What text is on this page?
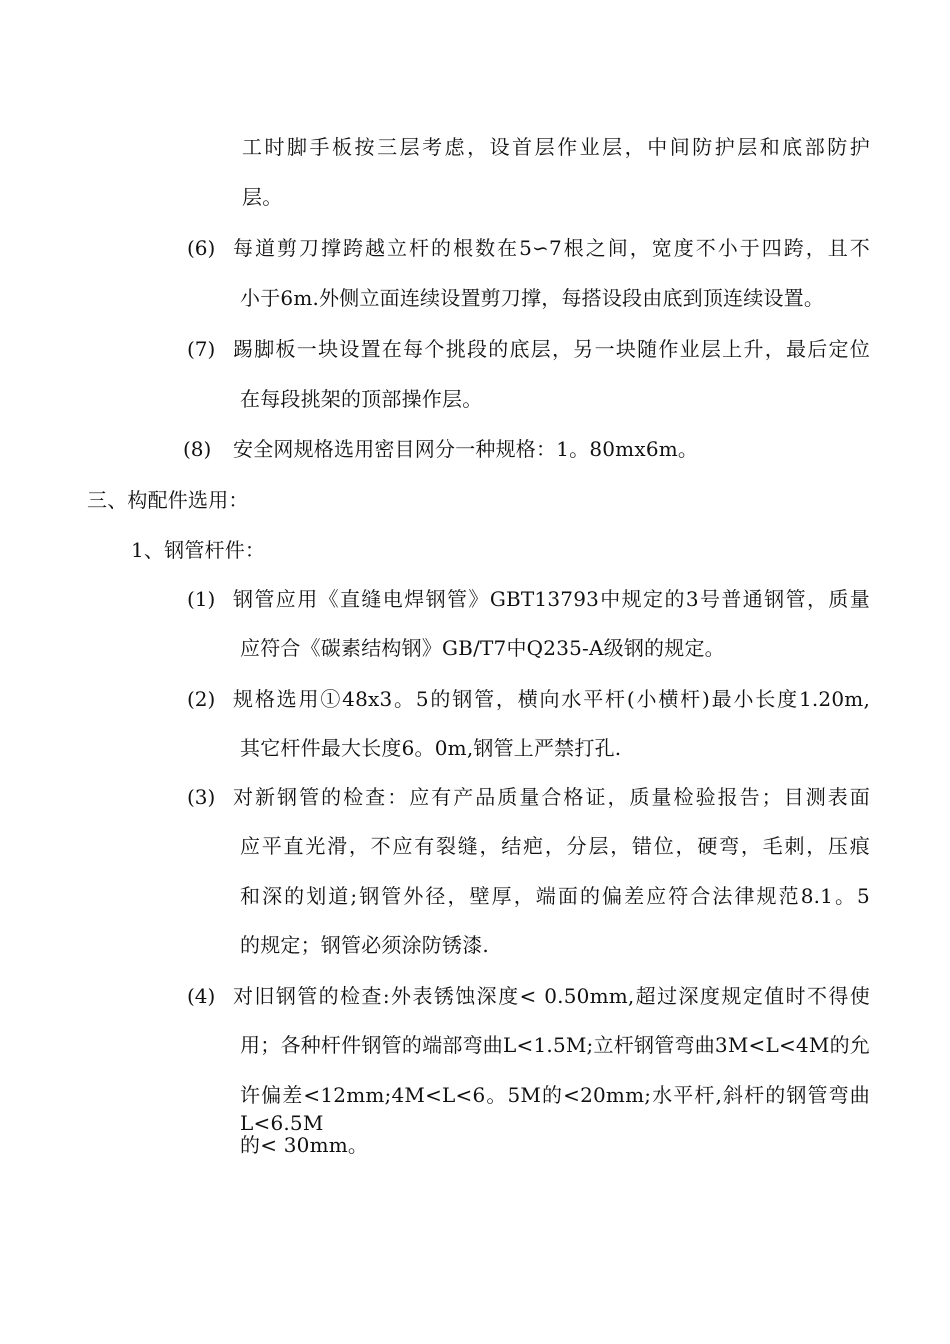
工时脚手板按三层考虑，设首层作业层，中间防护层和底部防护
层。
(6) 每道剪刀撑跨越立杆的根数在5∽7根之间，宽度不小于四跨，且不
小于6m.外侧立面连续设置剪刀撑，每搭设段由底到顶连续设置。
(7) 踢脚板一块设置在每个挑段的底层，另一块随作业层上升，最后定位
在每段挑架的顶部操作层。
(8) 安全网规格选用密目网分一种规格：1。80mx6m。
三、构配件选用：
1、钢管杆件：
(1) 钢管应用《直缝电焊钢管》GBT13793中规定的3号普通钢管，质量
应符合《碳素结构钢》GB/T7中Q235-A级钢的规定。
(2) 规格选用①48x3。5的钢管，横向水平杆(小横杆)最小长度1.20m,
其它杆件最大长度6。0m,钢管上严禁打孔.
(3) 对新钢管的检查：应有产品质量合格证，质量检验报告；目测表面
应平直光滑，不应有裂缝，结疤，分层，错位，硬弯，毛刺，压痕
和深的划道;钢管外径，壁厚，端面的偏差应符合法律规范8.1。5
的规定；钢管必须涂防锈漆.
(4) 对旧钢管的检查:外表锈蚀深度< 0.50mm,超过深度规定值时不得使
用；各种杆件钢管的端部弯曲L<1.5M;立杆钢管弯曲3M<L<4M的允
许偏差<12mm;4M<L<6。5M的<20mm;水平杆,斜杆的钢管弯曲L<6.5M
的< 30mm。
